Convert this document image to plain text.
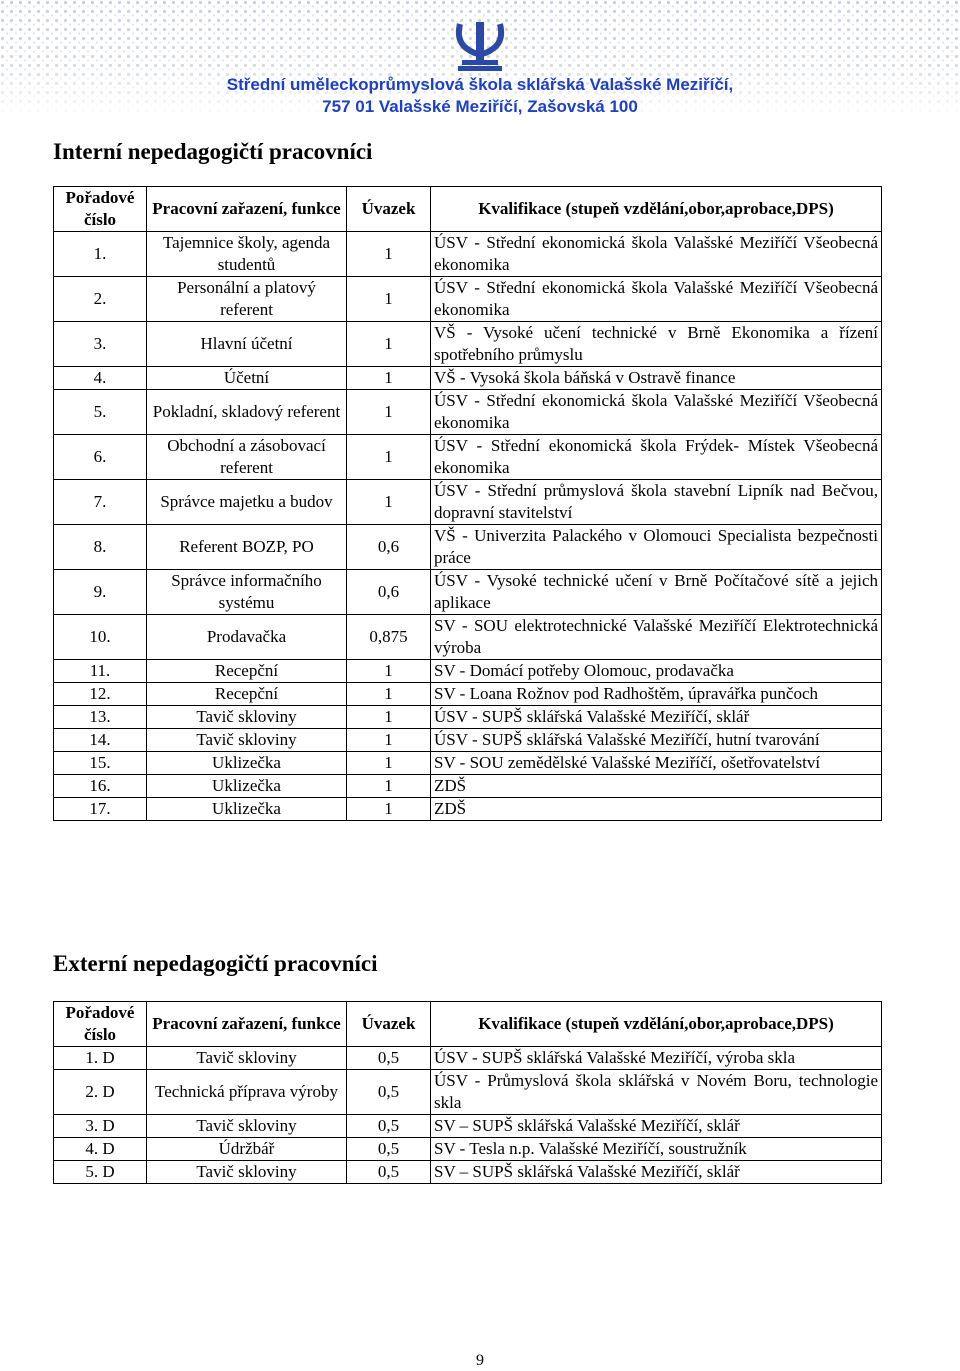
Střední uměleckoprůmyslová škola sklářská Valašské Meziříčí,
757 01 Valašské Meziříčí, Zašovská 100
Interní nepedagogičtí pracovníci
Pořadové číslo	Pracovní zařazení, funkce	Úvazek	Kvalifikace (stupeň vzdělání,obor,aprobace,DPS)
1.	Tajemnice školy, agenda studentů	1	ÚSV - Střední ekonomická škola Valašské Meziříčí Všeobecná ekonomika
2.	Personální a platový referent	1	ÚSV - Střední ekonomická škola Valašské Meziříčí Všeobecná ekonomika
3.	Hlavní účetní	1	VŠ - Vysoké učení technické v Brně Ekonomika a řízení spotřebního průmyslu
4.	Účetní	1	VŠ - Vysoká škola báňská v Ostravě finance
5.	Pokladní, skladový referent	1	ÚSV - Střední ekonomická škola Valašské Meziříčí Všeobecná ekonomika
6.	Obchodní a zásobovací referent	1	ÚSV - Střední ekonomická škola Frýdek- Místek Všeobecná ekonomika
7.	Správce majetku a budov	1	ÚSV - Střední průmyslová škola stavební Lipník nad Bečvou, dopravní stavitelství
8.	Referent BOZP, PO	0,6	VŠ - Univerzita Palackého v Olomouci Specialista bezpečnosti práce
9.	Správce informačního systému	0,6	ÚSV - Vysoké technické učení v Brně Počítačové sítě a jejich aplikace
10.	Prodavačka	0,875	SV - SOU elektrotechnické Valašské Meziříčí Elektrotechnická výroba
11.	Recepční	1	SV - Domácí potřeby Olomouc, prodavačka
12.	Recepční	1	SV - Loana Rožnov pod Radhoštěm, úpravářka punčoch
13.	Tavič skloviny	1	ÚSV - SUPŠ sklářská Valašské Meziříčí, sklář
14.	Tavič skloviny	1	ÚSV - SUPŠ sklářská Valašské Meziříčí, hutní tvarování
15.	Uklizečka	1	SV - SOU zemědělské Valašské Meziříčí, ošetřovatelství
16.	Uklizečka	1	ZDŠ
17.	Uklizečka	1	ZDŠ
Externí nepedagogičtí pracovníci
Pořadové číslo	Pracovní zařazení, funkce	Úvazek	Kvalifikace (stupeň vzdělání,obor,aprobace,DPS)
1. D	Tavič skloviny	0,5	ÚSV - SUPŠ sklářská Valašské Meziříčí, výroba skla
2. D	Technická příprava výroby	0,5	ÚSV - Průmyslová škola sklářská v Novém Boru, technologie skla
3. D	Tavič skloviny	0,5	SV – SUPŠ sklářská Valašské Meziříčí, sklář
4. D	Údržbář	0,5	SV - Tesla n.p. Valašské Meziříčí, soustružník
5. D	Tavič skloviny	0,5	SV – SUPŠ sklářská Valašské Meziříčí, sklář
9
